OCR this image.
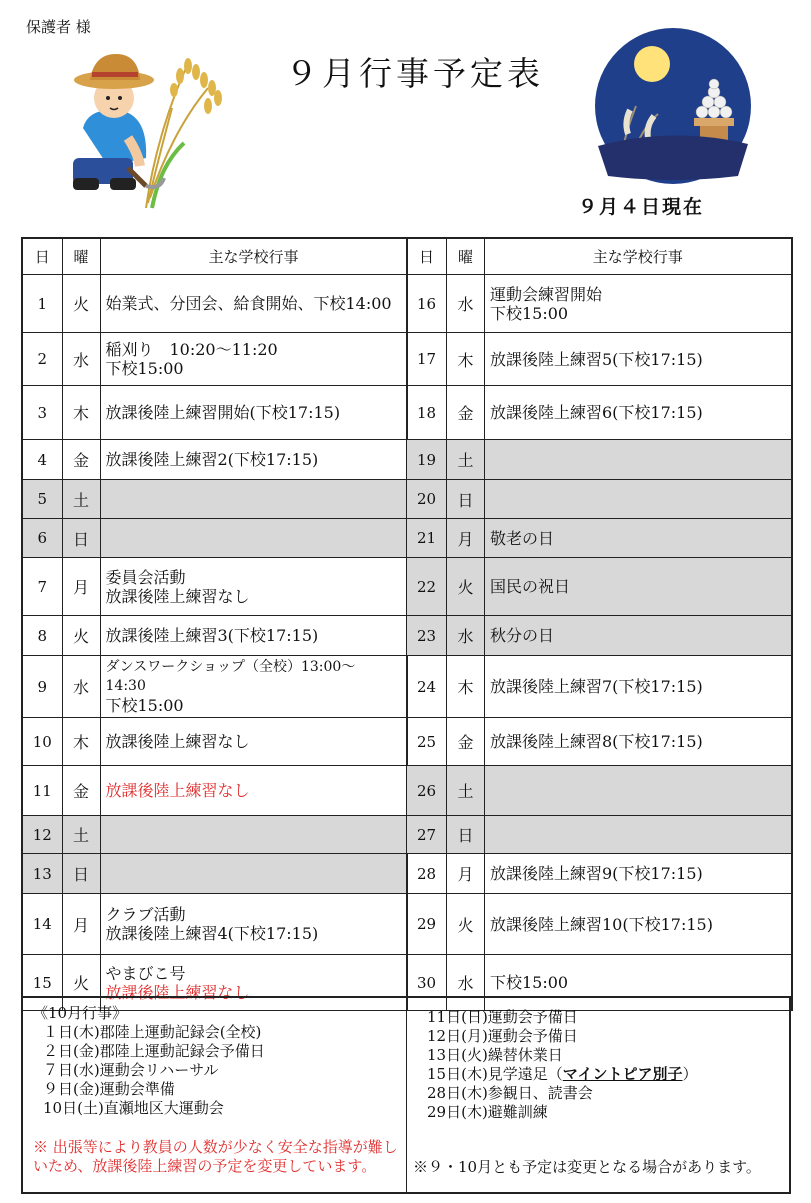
保護者 様
９月行事予定表
９月４日現在
日	曜	主な学校行事
1	火	始業式、分団会、給食開始、下校14:00

2	水	稲刈り　10:20～11:20
下校15:00

3	木	放課後陸上練習開始(下校17:15)

4	金	放課後陸上練習2(下校17:15)

5	土	
6	日	
7	月	委員会活動
放課後陸上練習なし

8	火	放課後陸上練習3(下校17:15)

9	水	ダンスワークショップ（全校）13:00～
14:30
下校15:00

10	木	放課後陸上練習なし

11	金	放課後陸上練習なし

12	土	
13	日	
14	月	クラブ活動
放課後陸上練習4(下校17:15)

15	火	やまびこ号
放課後陸上練習なし
日	曜	主な学校行事
16	水	運動会練習開始
下校15:00

17	木	放課後陸上練習5(下校17:15)

18	金	放課後陸上練習6(下校17:15)

19	土	
20	日	
21	月	敬老の日

22	火	国民の祝日

23	水	秋分の日

24	木	放課後陸上練習7(下校17:15)

25	金	放課後陸上練習8(下校17:15)

26	土	
27	日	
28	月	放課後陸上練習9(下校17:15)

29	火	放課後陸上練習10(下校17:15)

30	水	下校15:00
《10月行事》
１日(木)郡陸上運動記録会(全校)
２日(金)郡陸上運動記録会予備日
７日(水)運動会リハーサル
９日(金)運動会準備
10日(土)直瀬地区大運動会
※ 出張等により教員の人数が少なく安全な指導が難しいため、放課後陸上練習の予定を変更しています。
11日(日)運動会予備日
12日(月)運動会予備日
13日(火)繰替休業日
15日(木)見学遠足（マイントピア別子）
28日(木)参観日、読書会
29日(木)避難訓練
※９・10月とも予定は変更となる場合があります。
